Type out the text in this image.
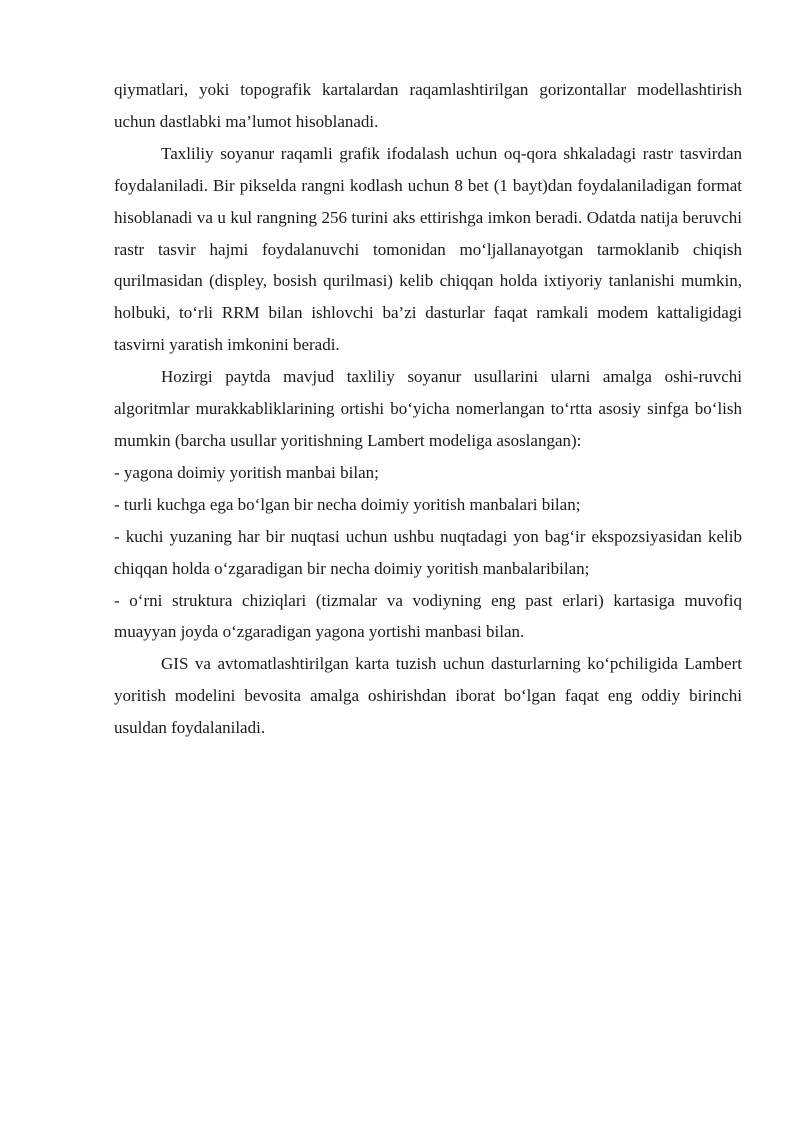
qiymatlari, yoki topografik kartalardan raqamlashtirilgan gorizontallar modellashtirish uchun dastlabki ma’lumot hisoblanadi.

Taxliliy soyanur raqamli grafik ifodalash uchun oq-qora shkaladagi rastr tasvirdan foydalaniladi. Bir pikselda rangni kodlash uchun 8 bet (1 bayt)dan foydalaniladigan format hisoblanadi va u kul rangning 256 turini aks ettirishga imkon beradi. Odatda natija beruvchi rastr tasvir hajmi foydalanuvchi tomonidan mo‘ljallanayotgan tarmoklanib chiqish qurilmasidan (displey, bosish qurilmasi) kelib chiqqan holda ixtiyoriy tanlanishi mumkin, holbuki, to‘rli RRM bilan ishlovchi ba’zi dasturlar faqat ramkali modem kattaligidagi tasvirni yaratish imkonini beradi.

Hozirgi paytda mavjud taxliliy soyanur usullarini ularni amalga oshi-ruvchi algoritmlar murakkabliklarining ortishi bo‘yicha nomerlangan to‘rtta asosiy sinfga bo‘lish mumkin (barcha usullar yoritishning Lambert modeliga asoslangan):

- yagona doimiy yoritish manbai bilan;

- turli kuchga ega bo‘lgan bir necha doimiy yoritish manbalari bilan;

- kuchi yuzaning har bir nuqtasi uchun ushbu nuqtadagi yon bag‘ir ekspozsiyasidan kelib chiqqan holda o‘zgaradigan bir necha doimiy yoritish manbalaribilan;

- o‘rni struktura chiziqlari (tizmalar va vodiyning eng past erlari) kartasiga muvofiq muayyan joyda o‘zgaradigan yagona yortishi manbasi bilan.

GIS va avtomatlashtirilgan karta tuzish uchun dasturlarning ko‘pchiligida Lambert yoritish modelini bevosita amalga oshirishdan iborat bo‘lgan faqat eng oddiy birinchi usuldan foydalaniladi.
